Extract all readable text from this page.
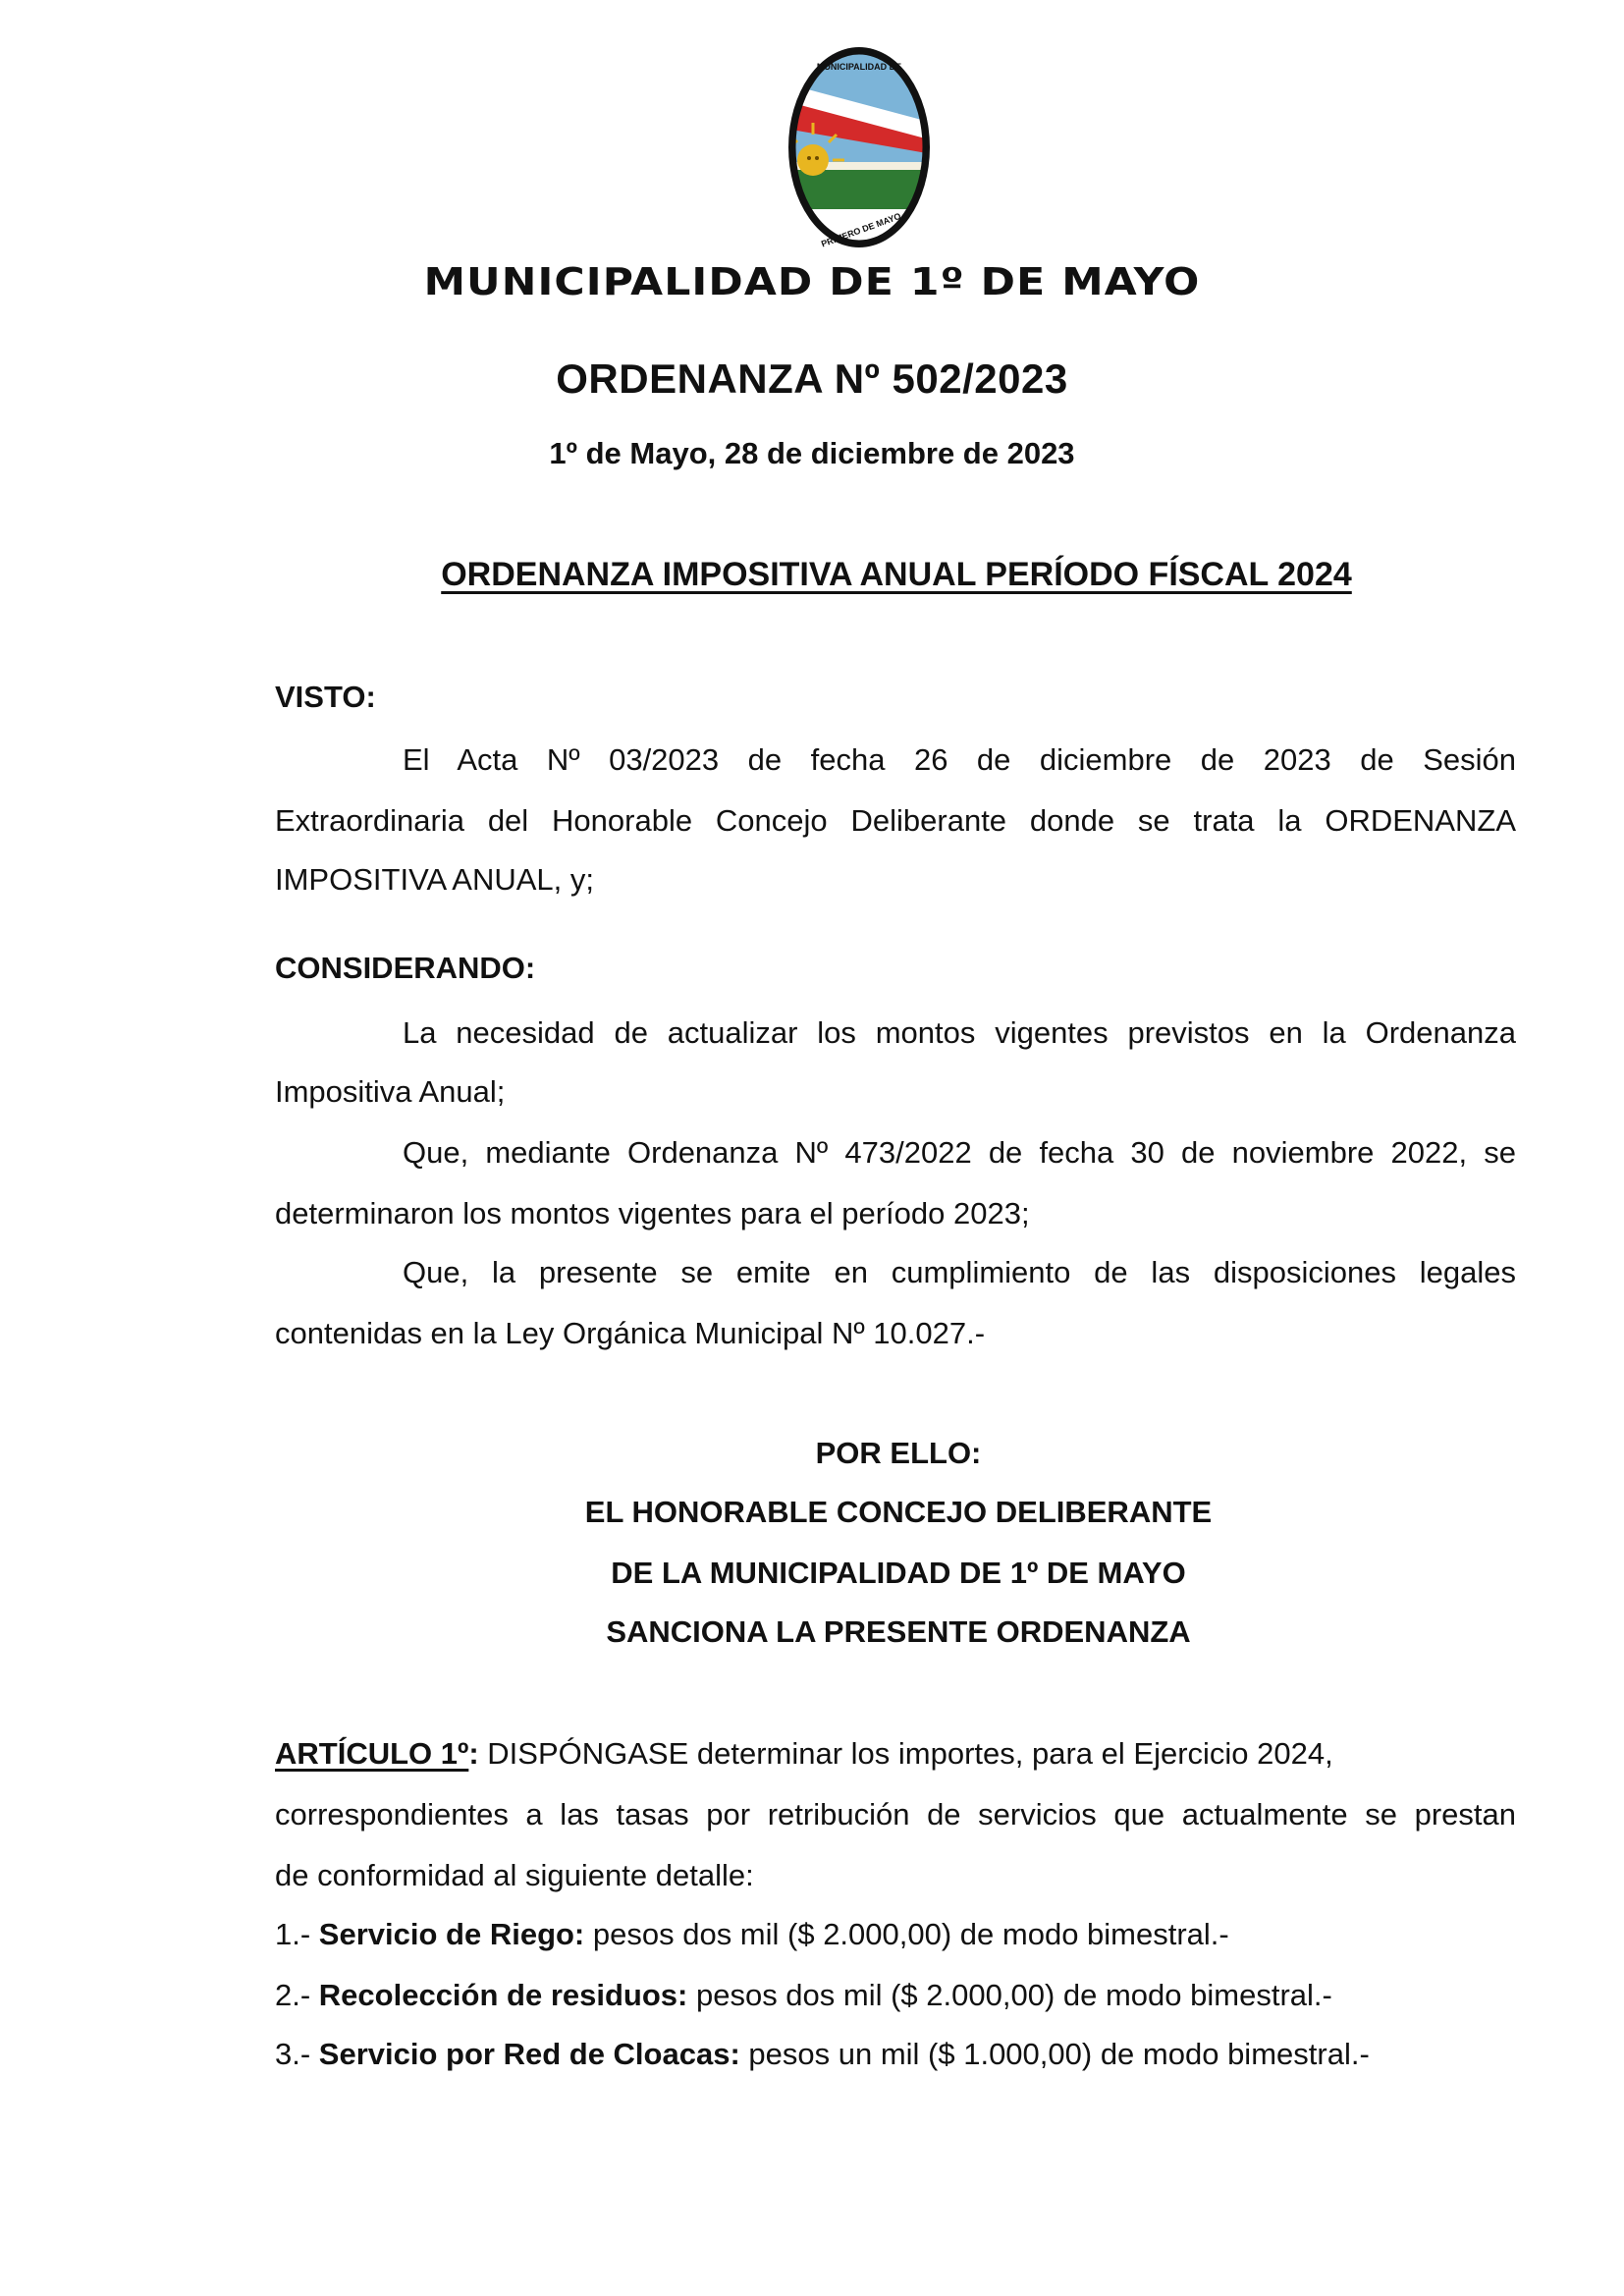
MUNICIPALIDAD DE
PRIMERO DE MAYO
MUNICIPALIDAD DE 1º DE MAYO
ORDENANZA Nº 502/2023
1º de Mayo, 28 de diciembre de 2023
ORDENANZA IMPOSITIVA ANUAL PERÍODO FÍSCAL 2024
VISTO:
El Acta Nº 03/2023 de fecha 26 de diciembre de 2023 de Sesión
Extraordinaria del Honorable Concejo Deliberante donde se trata la ORDENANZA
IMPOSITIVA ANUAL, y;
CONSIDERANDO:
La necesidad de actualizar los montos vigentes previstos en la Ordenanza
Impositiva Anual;
Que, mediante Ordenanza Nº 473/2022 de fecha 30 de noviembre 2022, se
determinaron los montos vigentes para el período 2023;
Que, la presente se emite en cumplimiento de las disposiciones legales
contenidas en la Ley Orgánica Municipal Nº 10.027.-
POR ELLO:
EL HONORABLE CONCEJO DELIBERANTE
DE LA MUNICIPALIDAD DE 1º DE MAYO
SANCIONA LA PRESENTE ORDENANZA
ARTÍCULO 1º: DISPÓNGASE determinar los importes, para el Ejercicio 2024,
correspondientes a las tasas por retribución de servicios que actualmente se prestan
de conformidad al siguiente detalle:
1.- Servicio de Riego: pesos dos mil ($ 2.000,00) de modo bimestral.-
2.- Recolección de residuos: pesos dos mil ($ 2.000,00) de modo bimestral.-
3.- Servicio por Red de Cloacas: pesos un mil ($ 1.000,00) de modo bimestral.-
